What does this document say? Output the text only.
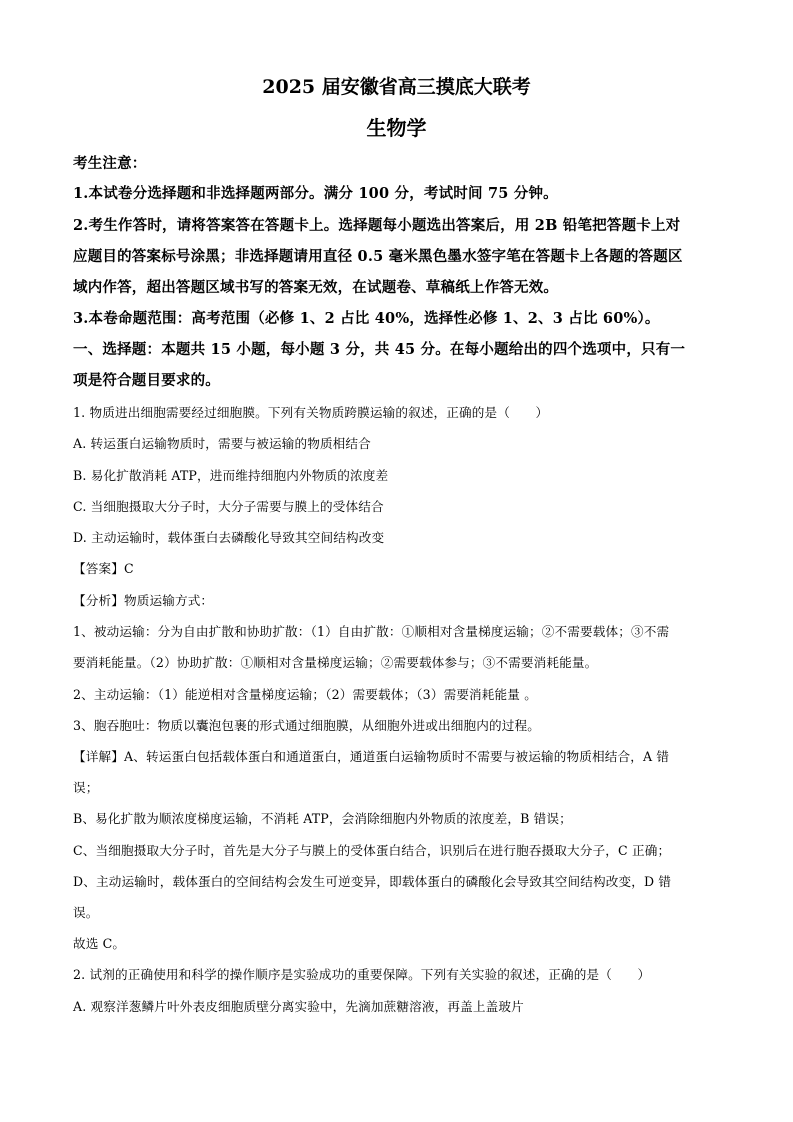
2025 届安徽省高三摸底大联考
生物学
考生注意：
1.本试卷分选择题和非选择题两部分。满分 100 分，考试时间 75 分钟。
2.考生作答时，请将答案答在答题卡上。选择题每小题选出答案后，用 2B 铅笔把答题卡上对
应题目的答案标号涂黑；非选择题请用直径 0.5 毫米黑色墨水签字笔在答题卡上各题的答题区
域内作答，超出答题区域书写的答案无效，在试题卷、草稿纸上作答无效。
3.本卷命题范围：高考范围（必修 1、2 占比 40%，选择性必修 1、2、3 占比 60%）。
一、选择题：本题共 15 小题，每小题 3 分，共 45 分。在每小题给出的四个选项中，只有一
项是符合题目要求的。
1. 物质进出细胞需要经过细胞膜。下列有关物质跨膜运输的叙述，正确的是（　　）
A. 转运蛋白运输物质时，需要与被运输的物质相结合
B. 易化扩散消耗 ATP，进而维持细胞内外物质的浓度差
C. 当细胞摄取大分子时，大分子需要与膜上的受体结合
D. 主动运输时，载体蛋白去磷酸化导致其空间结构改变
【答案】C
【分析】物质运输方式：
1、被动运输：分为自由扩散和协助扩散：（1）自由扩散：①顺相对含量梯度运输；②不需要载体；③不需
要消耗能量。（2）协助扩散：①顺相对含量梯度运输；②需要载体参与；③不需要消耗能量。
2、主动运输：（1）能逆相对含量梯度运输；（2）需要载体；（3）需要消耗能量 。
3、胞吞胞吐：物质以囊泡包裹的形式通过细胞膜，从细胞外进或出细胞内的过程。
【详解】A、转运蛋白包括载体蛋白和通道蛋白，通道蛋白运输物质时不需要与被运输的物质相结合，A 错
误；
B、易化扩散为顺浓度梯度运输，不消耗 ATP，会消除细胞内外物质的浓度差，B 错误；
C、当细胞摄取大分子时，首先是大分子与膜上的受体蛋白结合，识别后在进行胞吞摄取大分子，C 正确；
D、主动运输时，载体蛋白的空间结构会发生可逆变异，即载体蛋白的磷酸化会导致其空间结构改变，D 错
误。
故选 C。
2. 试剂的正确使用和科学的操作顺序是实验成功的重要保障。下列有关实验的叙述，正确的是（　　）
A. 观察洋葱鳞片叶外表皮细胞质壁分离实验中，先滴加蔗糖溶液，再盖上盖玻片
